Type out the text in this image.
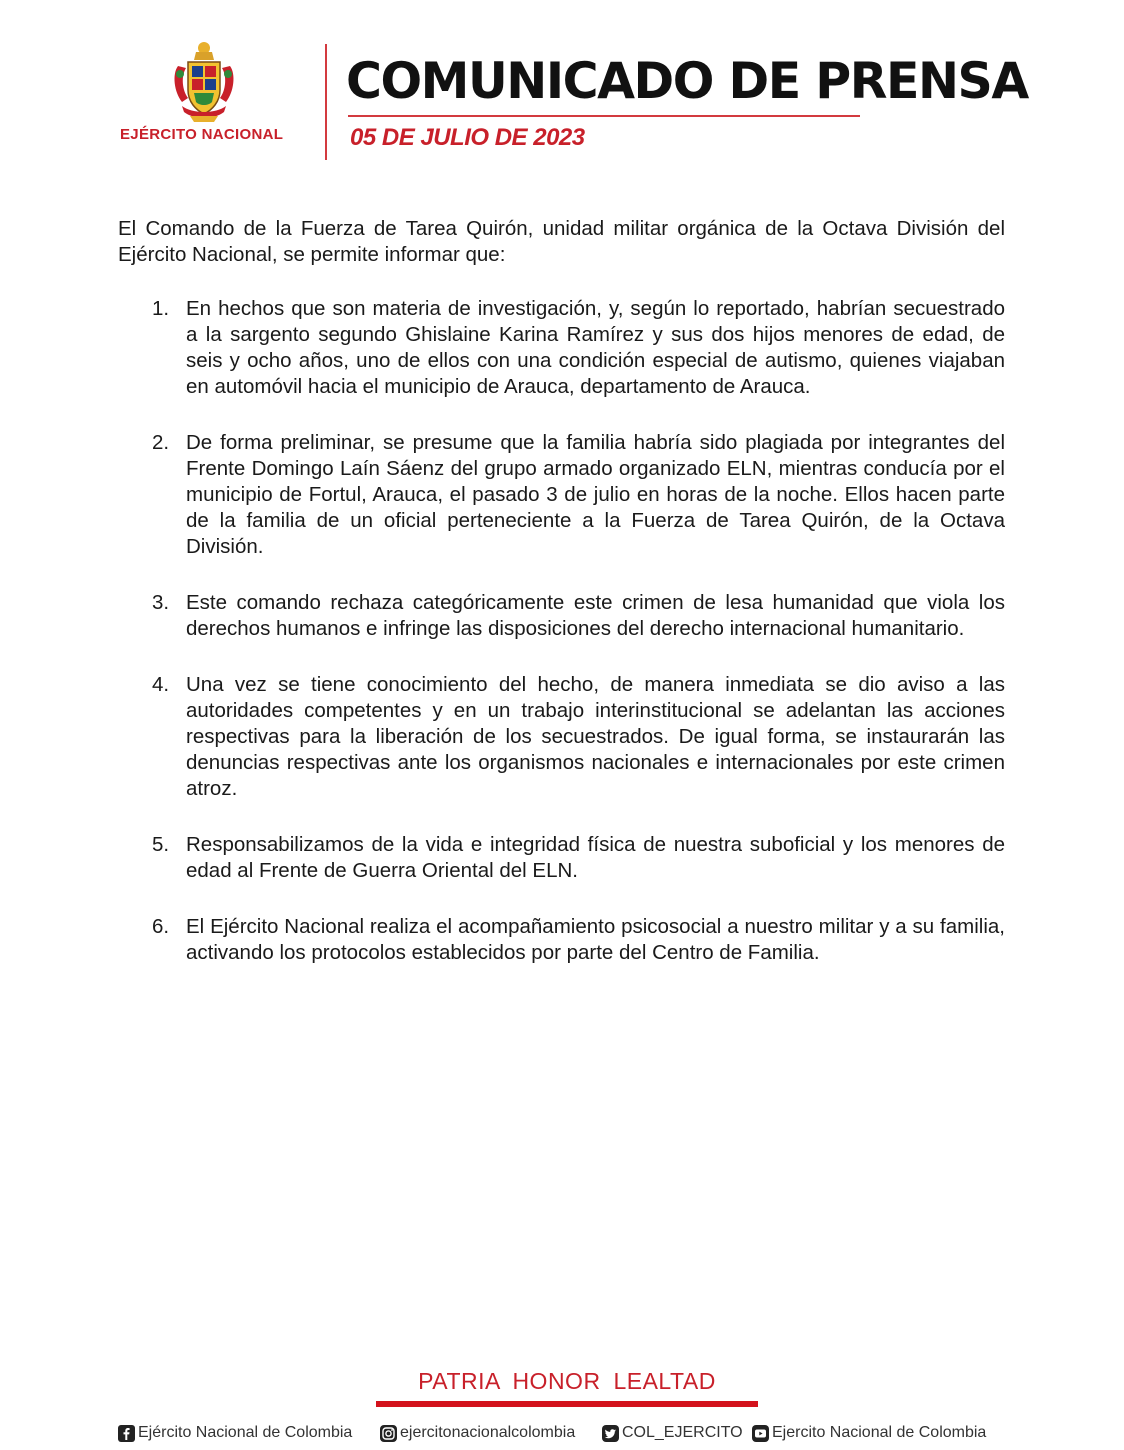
EJÉRCITO NACIONAL
COMUNICADO DE PRENSA
05 DE JULIO DE 2023

El Comando de la Fuerza de Tarea Quirón, unidad militar orgánica de la Octava División del Ejército Nacional, se permite informar que:

1. En hechos que son materia de investigación, y, según lo reportado, habrían secuestrado a la sargento segundo Ghislaine Karina Ramírez y sus dos hijos menores de edad, de seis y ocho años, uno de ellos con una condición especial de autismo, quienes viajaban en automóvil hacia el municipio de Arauca, departamento de Arauca.
2. De forma preliminar, se presume que la familia habría sido plagiada por integrantes del Frente Domingo Laín Sáenz del grupo armado organizado ELN, mientras conducía por el municipio de Fortul, Arauca, el pasado 3 de julio en horas de la noche. Ellos hacen parte de la familia de un oficial perteneciente a la Fuerza de Tarea Quirón, de la Octava División.
3. Este comando rechaza categóricamente este crimen de lesa humanidad que viola los derechos humanos e infringe las disposiciones del derecho internacional humanitario.
4. Una vez se tiene conocimiento del hecho, de manera inmediata se dio aviso a las autoridades competentes y en un trabajo interinstitucional se adelantan las acciones respectivas para la liberación de los secuestrados. De igual forma, se instaurarán las denuncias respectivas ante los organismos nacionales e internacionales por este crimen atroz.
5. Responsabilizamos de la vida e integridad física de nuestra suboficial y los menores de edad al Frente de Guerra Oriental del ELN.
6. El Ejército Nacional realiza el acompañamiento psicosocial a nuestro militar y a su familia, activando los protocolos establecidos por parte del Centro de Familia.
PATRIA HONOR LEALTAD
Ejército Nacional de Colombia	ejercitonacionalcolombia	COL_EJERCITO Ejercito Nacional de Colombia
